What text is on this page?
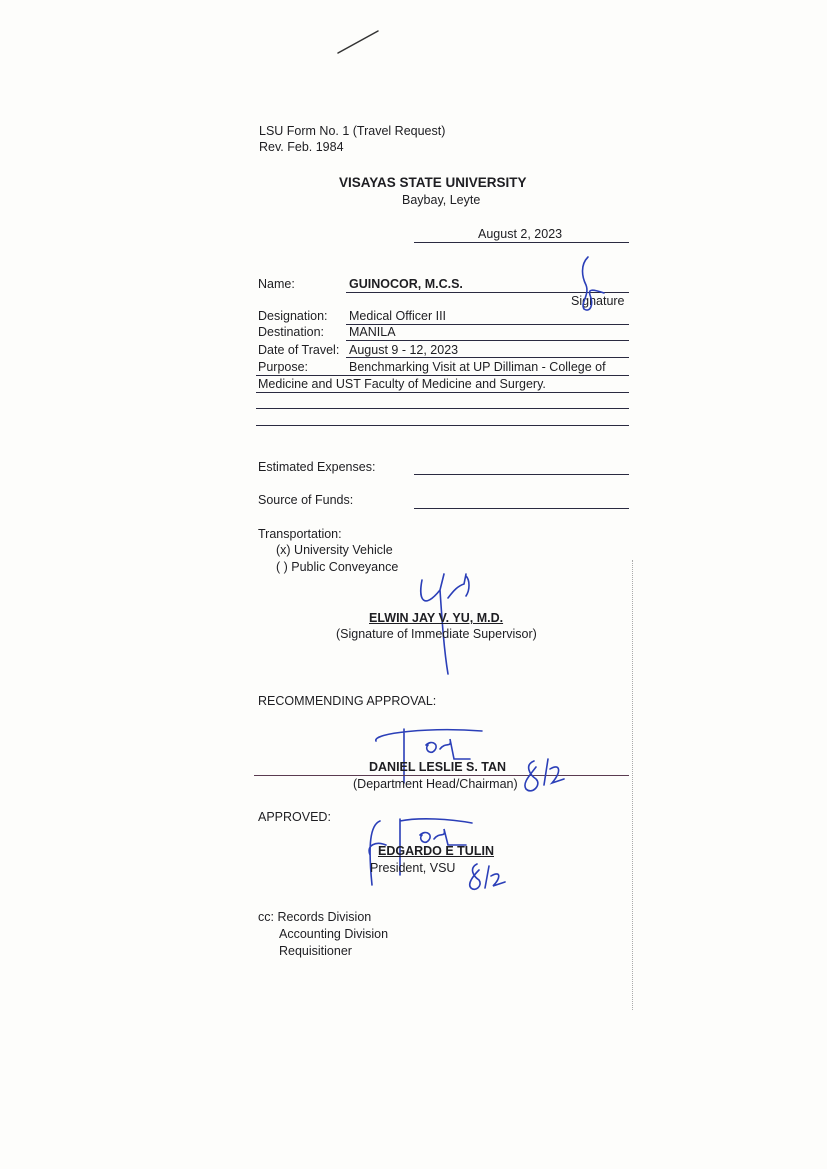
LSU Form No. 1 (Travel Request)
Rev. Feb. 1984
VISAYAS STATE UNIVERSITY
Baybay, Leyte
August 2, 2023
Name:	GUINOCOR, M.C.S.
Signature
Designation: Medical Officer III
Destination: MANILA
Date of Travel: August 9 - 12, 2023
Purpose:	Benchmarking Visit at UP Dilliman - College of
Medicine and UST Faculty of Medicine and Surgery.
Estimated Expenses:
Source of Funds:
Transportation:
(x) University Vehicle
( ) Public Conveyance
ELWIN JAY V. YU, M.D.
(Signature of Immediate Supervisor)
RECOMMENDING APPROVAL:
DANIEL LESLIE S. TAN
(Department Head/Chairman)
APPROVED:
EDGARDO E TULIN
President, VSU
cc: Records Division
Accounting Division
Requisitioner
